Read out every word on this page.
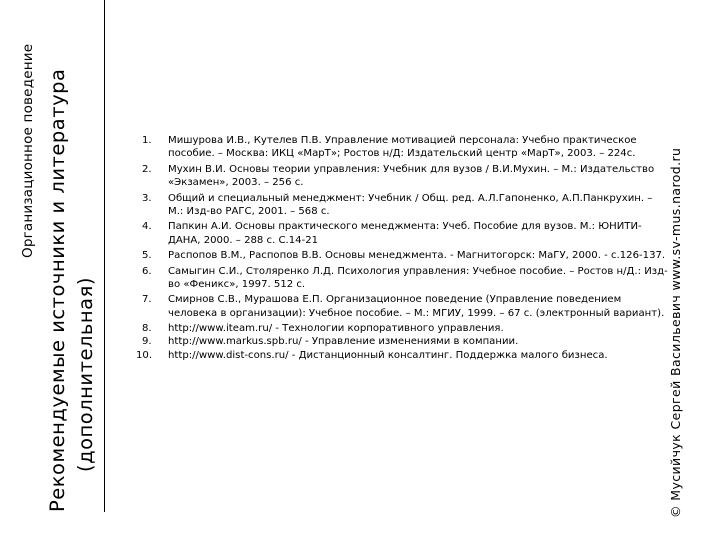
Организационное поведение Рекомендуемые источники и литература (дополнительная)	© Мусийчук Сергей Васильевич www.sv-mus.narod.ru
1. Мишурова И.В., Кутелев П.В. Управление мотивацией персонала: Учебно практическое пособие. – Москва: ИКЦ «МарТ»; Ростов н/Д: Издательский центр «МарТ», 2003. – 224с.
2. Мухин В.И. Основы теории управления: Учебник для вузов / В.И.Мухин. – М.: Издательство «Экзамен», 2003. – 256 с.
3. Общий и специальный менеджмент: Учебник / Общ. ред. А.Л.Гапоненко, А.П.Панкрухин. – М.: Изд-во РАГС, 2001. – 568 с.
4. Папкин А.И. Основы практического менеджмента: Учеб. Пособие для вузов. М.: ЮНИТИ-ДАНА, 2000. – 288 с. С.14-21
5. Распопов В.М., Распопов В.В. Основы менеджмента. - Магнитогорск: МаГУ, 2000. - с.126-137.
6. Самыгин С.И., Столяренко Л.Д. Психология управления: Учебное пособие. – Ростов н/Д.: Изд-во «Феникс», 1997. 512 с.
7. Смирнов С.В., Мурашова Е.П. Организационное поведение (Управление поведением человека в организации): Учебное пособие. – М.: МГИУ, 1999. – 67 с. (электронный вариант).
8. http://www.iteam.ru/ - Технологии корпоративного управления.
9. http://www.markus.spb.ru/ - Управление изменениями в компании.
10. http://www.dist-cons.ru/ - Дистанционный консалтинг. Поддержка малого бизнеса.
